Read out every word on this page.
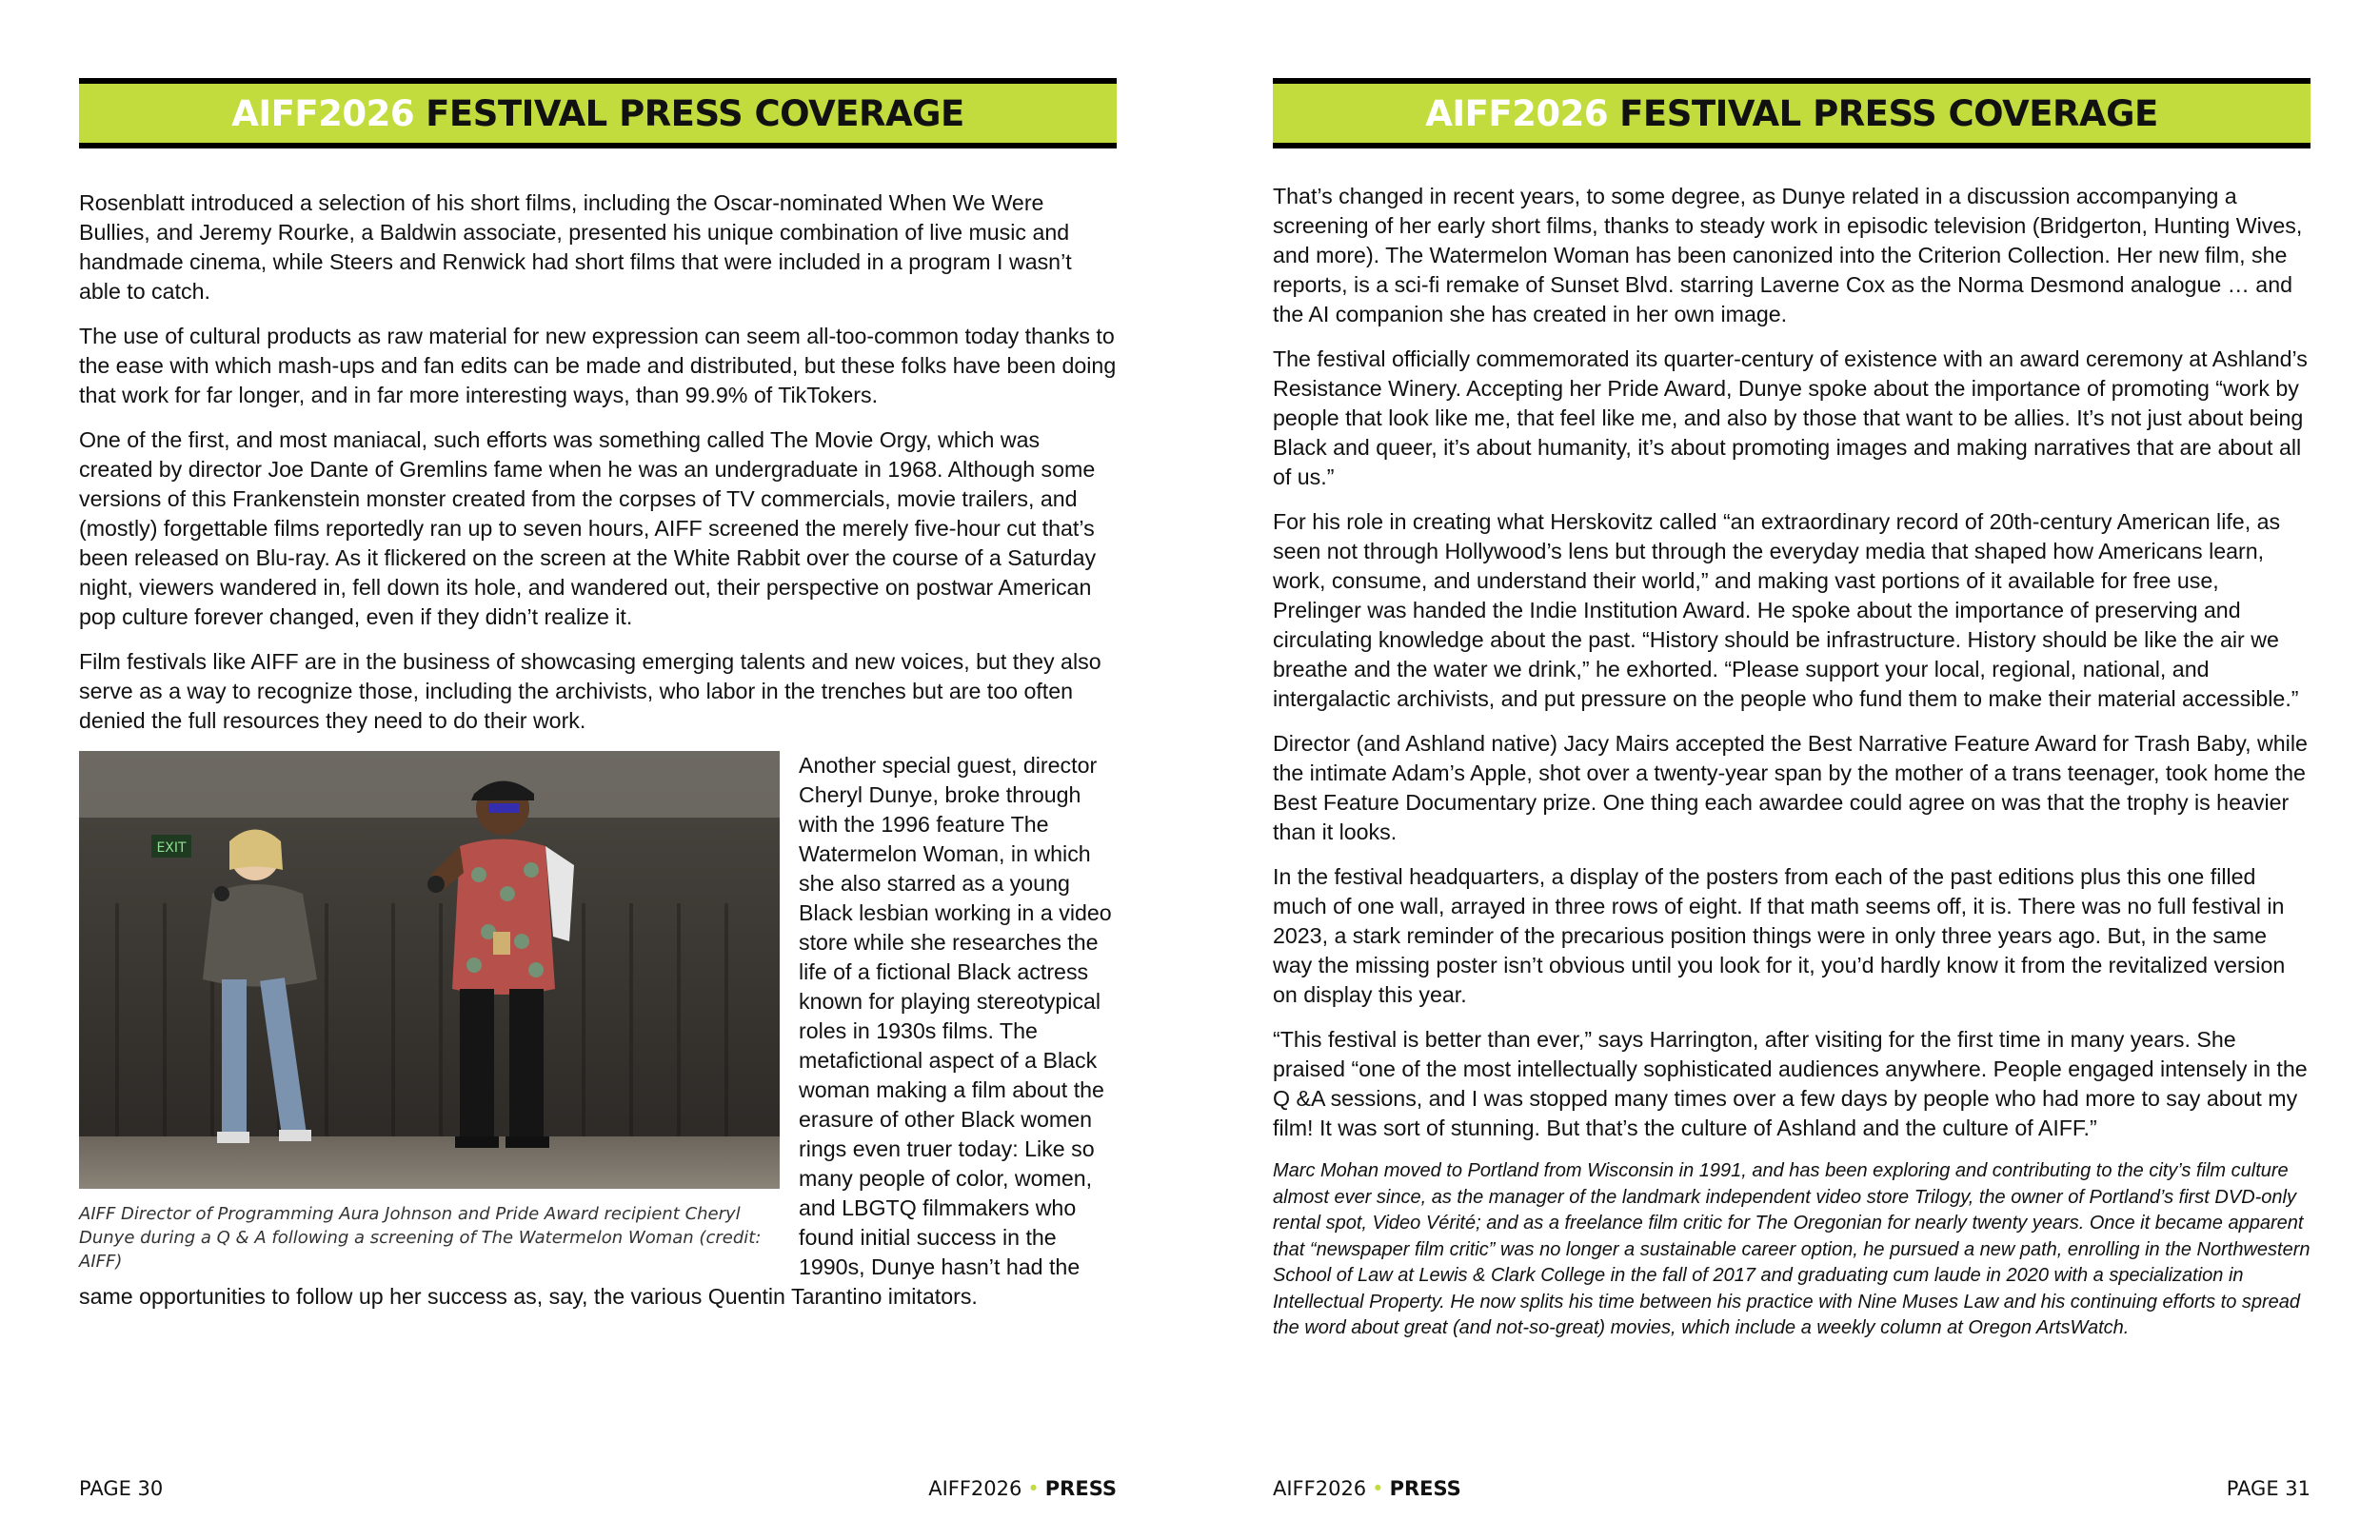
AIFF2026 FESTIVAL PRESS COVERAGE

Rosenblatt introduced a selection of his short films, including the Oscar-nominated When We Were Bullies, and Jeremy Rourke, a Baldwin associate, presented his unique combination of live music and handmade cinema, while Steers and Renwick had short films that were included in a program I wasn’t able to catch.

The use of cultural products as raw material for new expression can seem all-too-common today thanks to the ease with which mash-ups and fan edits can be made and distributed, but these folks have been doing that work for far longer, and in far more interesting ways, than 99.9% of TikTokers.

One of the first, and most maniacal, such efforts was something called The Movie Orgy, which was created by director Joe Dante of Gremlins fame when he was an undergraduate in 1968. Although some versions of this Frankenstein monster created from the corpses of TV commercials, movie trailers, and (mostly) forgettable films reportedly ran up to seven hours, AIFF screened the merely five-hour cut that’s been released on Blu-ray. As it flickered on the screen at the White Rabbit over the course of a Saturday night, viewers wandered in, fell down its hole, and wandered out, their perspective on postwar American pop culture forever changed, even if they didn’t realize it.

Film festivals like AIFF are in the business of showcasing emerging talents and new voices, but they also serve as a way to recognize those, including the archivists, who labor in the trenches but are too often denied the full resources they need to do their work.

EXIT
AIFF Director of Programming Aura Johnson and Pride Award recipient Cheryl Dunye during a Q & A following a screening of The Watermelon Woman (credit: AIFF)

Another special guest, director Cheryl Dunye, broke through with the 1996 feature The Watermelon Woman, in which she also starred as a young Black lesbian working in a video store while she researches the life of a fictional Black actress known for playing stereotypical roles in 1930s films. The metafictional aspect of a Black woman making a film about the erasure of other Black women rings even truer today: Like so many people of color, women, and LBGTQ filmmakers who found initial success in the 1990s, Dunye hasn’t had the same opportunities to follow up her success as, say, the various Quentin Tarantino imitators.

PAGE 30	AIFF2026 • PRESS
AIFF2026 FESTIVAL PRESS COVERAGE

That’s changed in recent years, to some degree, as Dunye related in a discussion accompanying a screening of her early short films, thanks to steady work in episodic television (Bridgerton, Hunting Wives, and more). The Watermelon Woman has been canonized into the Criterion Collection. Her new film, she reports, is a sci-fi remake of Sunset Blvd. starring Laverne Cox as the Norma Desmond analogue … and the AI companion she has created in her own image.

The festival officially commemorated its quarter-century of existence with an award ceremony at Ashland’s Resistance Winery. Accepting her Pride Award, Dunye spoke about the importance of promoting “work by people that look like me, that feel like me, and also by those that want to be allies. It’s not just about being Black and queer, it’s about humanity, it’s about promoting images and making narratives that are about all of us.”

For his role in creating what Herskovitz called “an extraordinary record of 20th-century American life, as seen not through Hollywood’s lens but through the everyday media that shaped how Americans learn, work, consume, and understand their world,” and making vast portions of it available for free use, Prelinger was handed the Indie Institution Award. He spoke about the importance of preserving and circulating knowledge about the past. “History should be infrastructure. History should be like the air we breathe and the water we drink,” he exhorted. “Please support your local, regional, national, and intergalactic archivists, and put pressure on the people who fund them to make their material accessible.”

Director (and Ashland native) Jacy Mairs accepted the Best Narrative Feature Award for Trash Baby, while the intimate Adam’s Apple, shot over a twenty-year span by the mother of a trans teenager, took home the Best Feature Documentary prize. One thing each awardee could agree on was that the trophy is heavier than it looks.

In the festival headquarters, a display of the posters from each of the past editions plus this one filled much of one wall, arrayed in three rows of eight. If that math seems off, it is. There was no full festival in 2023, a stark reminder of the precarious position things were in only three years ago. But, in the same way the missing poster isn’t obvious until you look for it, you’d hardly know it from the revitalized version on display this year.

“This festival is better than ever,” says Harrington, after visiting for the first time in many years. She praised “one of the most intellectually sophisticated audiences anywhere. People engaged intensely in the Q &A sessions, and I was stopped many times over a few days by people who had more to say about my film! It was sort of stunning. But that’s the culture of Ashland and the culture of AIFF.”

Marc Mohan moved to Portland from Wisconsin in 1991, and has been exploring and contributing to the city’s film culture almost ever since, as the manager of the landmark independent video store Trilogy, the owner of Portland’s first DVD-only rental spot, Video Vérité; and as a freelance film critic for The Oregonian for nearly twenty years. Once it became apparent that “newspaper film critic” was no longer a sustainable career option, he pursued a new path, enrolling in the Northwestern School of Law at Lewis & Clark College in the fall of 2017 and graduating cum laude in 2020 with a specialization in Intellectual Property. He now splits his time between his practice with Nine Muses Law and his continuing efforts to spread the word about great (and not-so-great) movies, which include a weekly column at Oregon ArtsWatch.

AIFF2026 • PRESS	PAGE 31
